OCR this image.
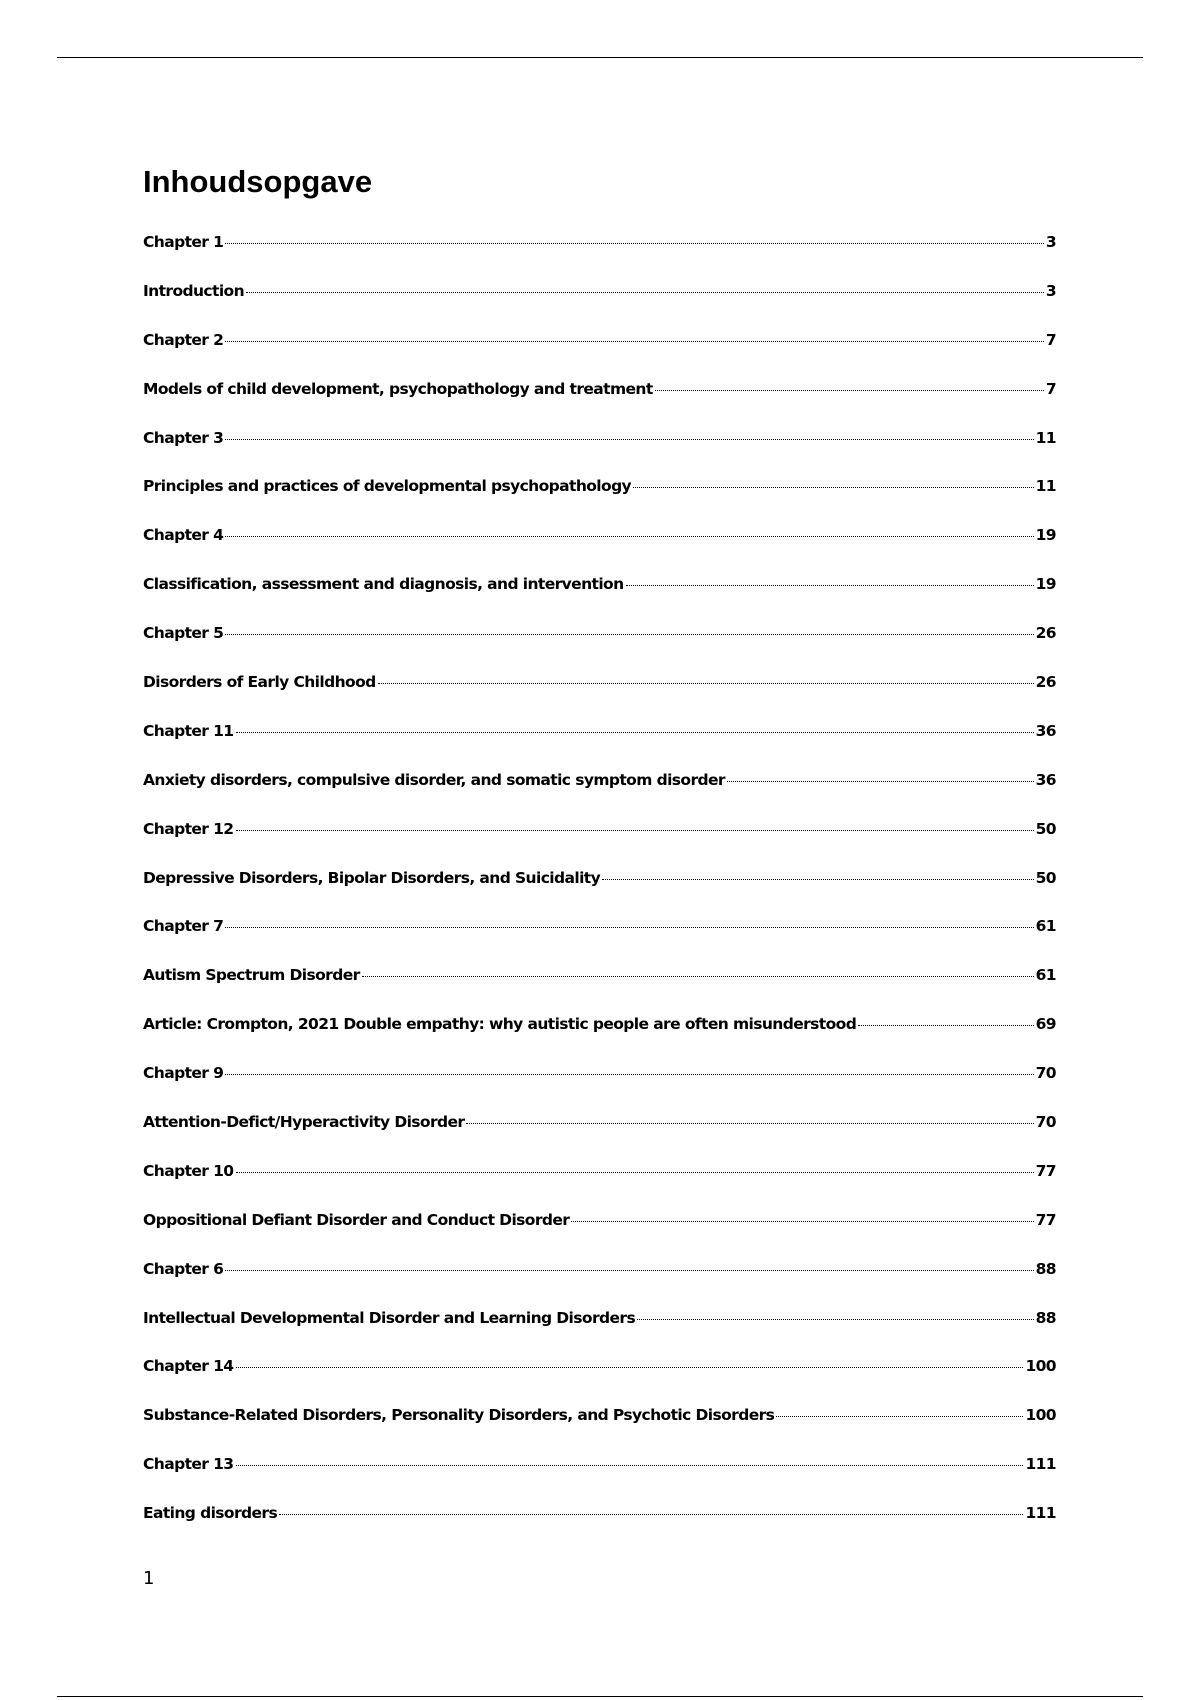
Inhoudsopgave
Chapter 1	3
Introduction	3
Chapter 2	7
Models of child development, psychopathology and treatment	7
Chapter 3	11
Principles and practices of developmental psychopathology	11
Chapter 4	19
Classification, assessment and diagnosis, and intervention	19
Chapter 5	26
Disorders of Early Childhood	26
Chapter 11	36
Anxiety disorders, compulsive disorder, and somatic symptom disorder	36
Chapter 12	50
Depressive Disorders, Bipolar Disorders, and Suicidality	50
Chapter 7	61
Autism Spectrum Disorder	61
Article: Crompton, 2021 Double empathy: why autistic people are often misunderstood	69
Chapter 9	70
Attention-Defict/Hyperactivity Disorder	70
Chapter 10	77
Oppositional Defiant Disorder and Conduct Disorder	77
Chapter 6	88
Intellectual Developmental Disorder and Learning Disorders	88
Chapter 14	100
Substance-Related Disorders, Personality Disorders, and Psychotic Disorders	100
Chapter 13	111
Eating disorders	111
1
